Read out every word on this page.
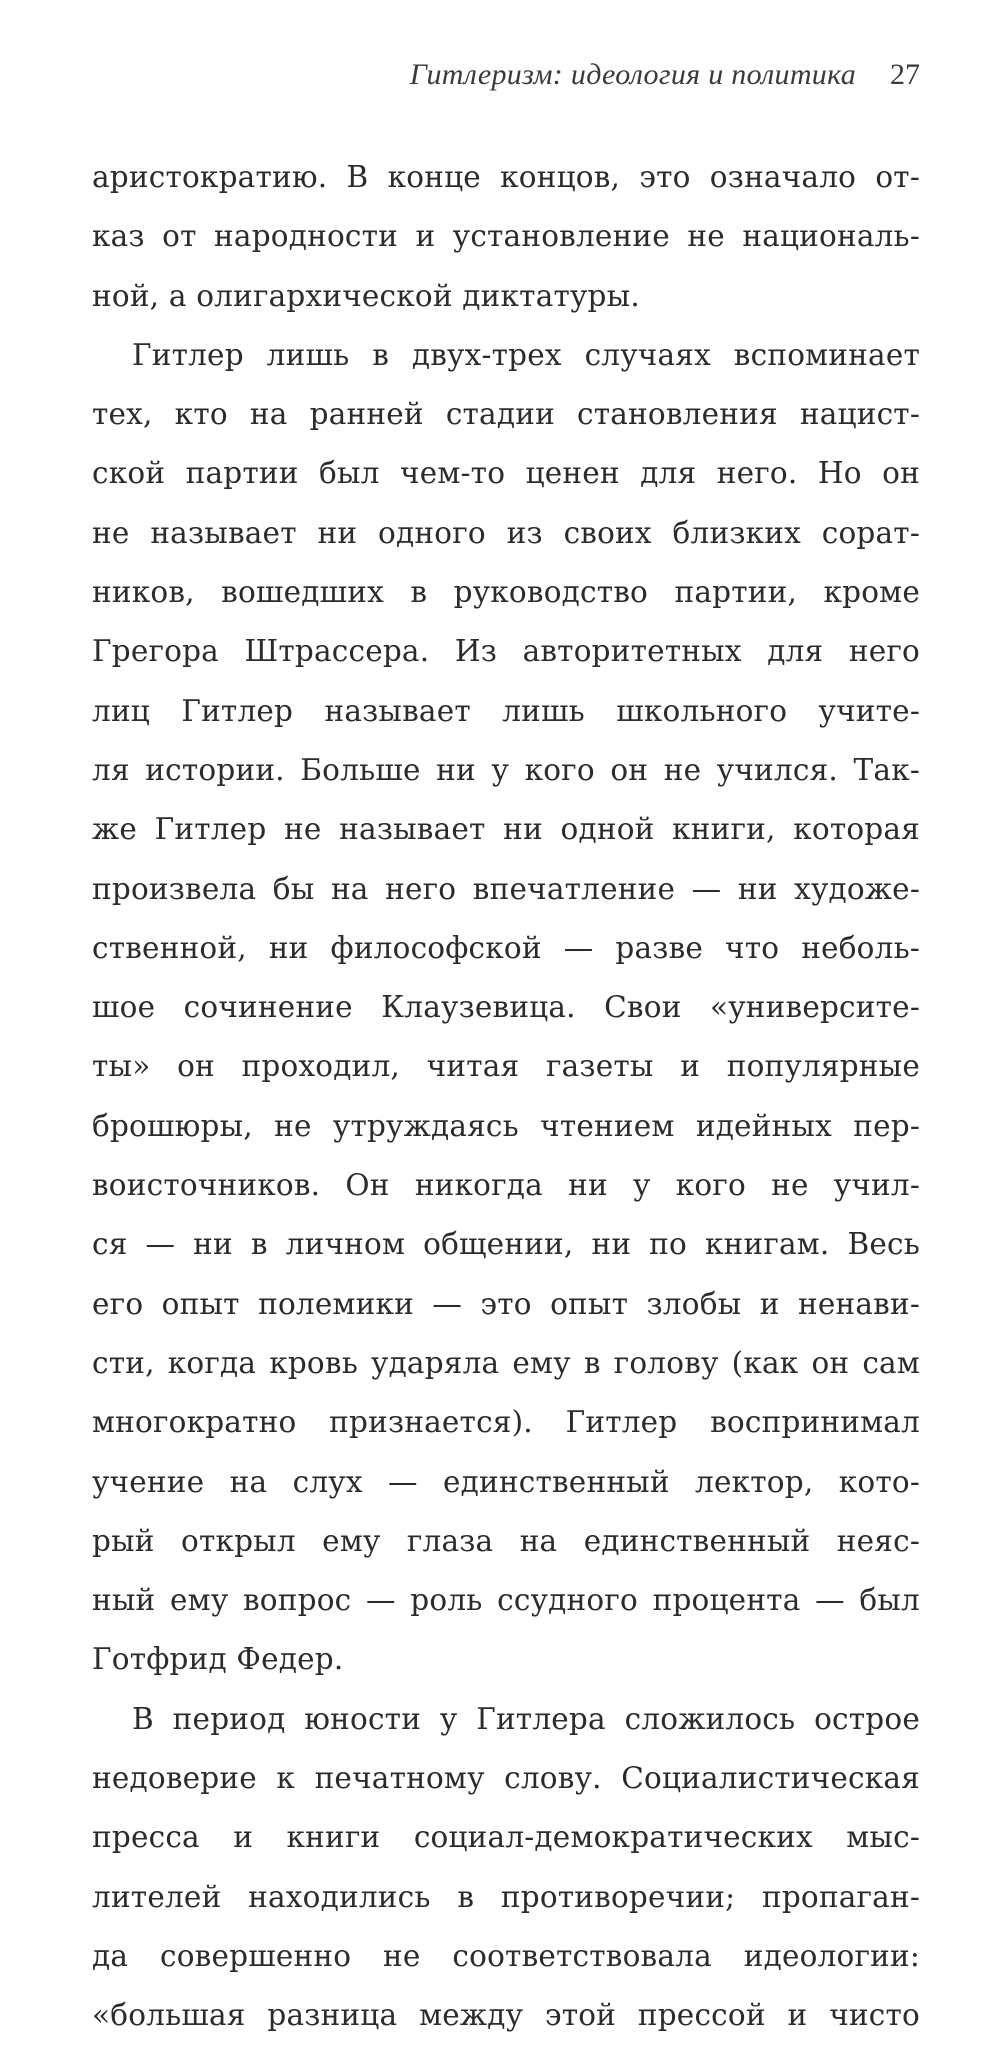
Гитлеризм: идеология и политика 27
аристократию. В конце концов, это означало от-
каз от народности и установление не националь-
ной, а олигархической диктатуры.
Гитлер лишь в двух-трех случаях вспоминает
тех, кто на ранней стадии становления нацист-
ской партии был чем-то ценен для него. Но он
не называет ни одного из своих близких сорат-
ников, вошедших в руководство партии, кроме
Грегора Штрассера. Из авторитетных для него
лиц Гитлер называет лишь школьного учите-
ля истории. Больше ни у кого он не учился. Так-
же Гитлер не называет ни одной книги, которая
произвела бы на него впечатление — ни художе-
ственной, ни философской — разве что неболь-
шое сочинение Клаузевица. Свои «университе-
ты» он проходил, читая газеты и популярные
брошюры, не утруждаясь чтением идейных пер-
воисточников. Он никогда ни у кого не учил-
ся — ни в личном общении, ни по книгам. Весь
его опыт полемики — это опыт злобы и ненави-
сти, когда кровь ударяла ему в голову (как он сам
многократно признается). Гитлер воспринимал
учение на слух — единственный лектор, кото-
рый открыл ему глаза на единственный неяс-
ный ему вопрос — роль ссудного процента — был
Готфрид Федер.
В период юности у Гитлера сложилось острое
недоверие к печатному слову. Социалистическая
пресса и книги социал-демократических мыс-
лителей находились в противоречии; пропаган-
да совершенно не соответствовала идеологии:
«большая разница между этой прессой и чисто
